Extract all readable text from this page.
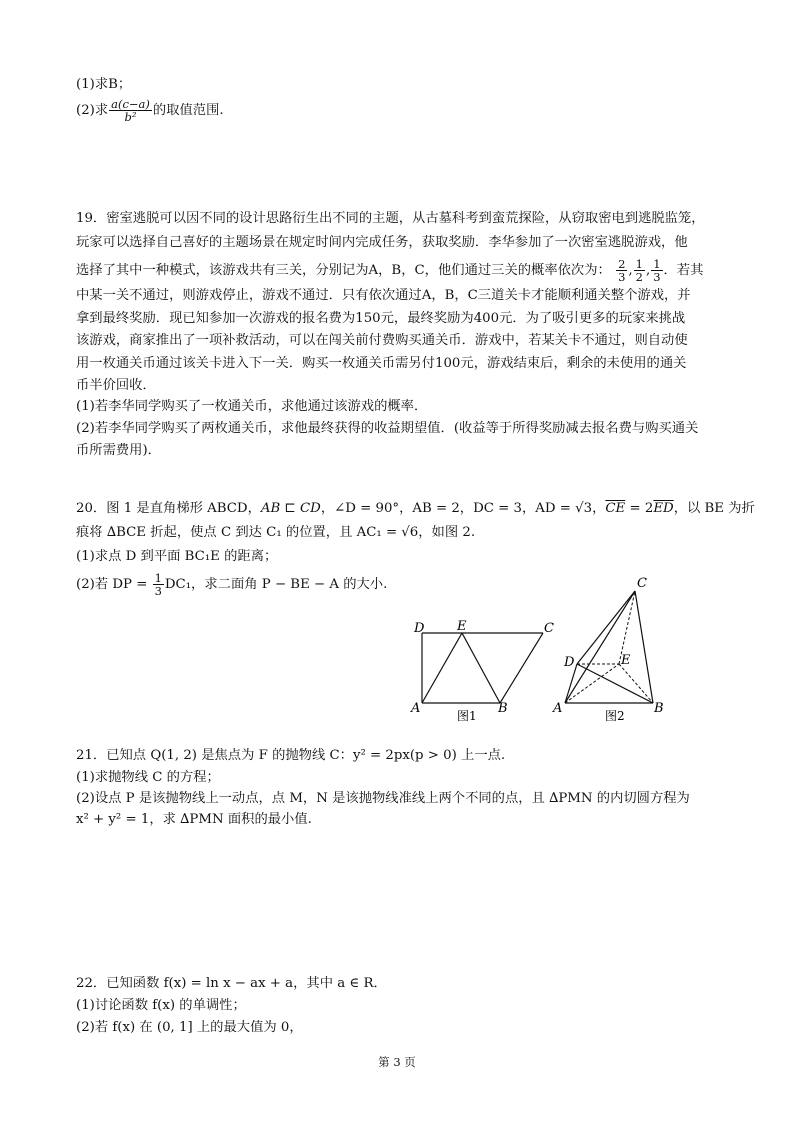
(1)求B；
(2)求 $\frac{a(c-a)}{\text{b²}}$ 的取值范围.
19．密室逃脱可以因不同的设计思路衍生出不同的主题，从古墓科考到蛮荒探险，从窃取密电到逃脱监笼，
玩家可以选择自己喜好的主题场景在规定时间内完成任务，获取奖励．李华参加了一次密室逃脱游戏，他
选择了其中一种模式，该游戏共有三关，分别记为A，B，C，他们通过三关的概率依次为： $\frac{2}{3}$ , $\frac{1}{2}$ , $\frac{1}{3}$ ．若其
中某一关不通过，则游戏停止，游戏不通过．只有依次通过A，B，C三道关卡才能顺利通关整个游戏，并
拿到最终奖励．现已知参加一次游戏的报名费为150元，最终奖励为400元．为了吸引更多的玩家来挑战
该游戏，商家推出了一项补救活动，可以在闯关前付费购买通关币．游戏中，若某关卡不通过，则自动使
用一枚通关币通过该关卡进入下一关．购买一枚通关币需另付100元，游戏结束后，剩余的未使用的通关
币半价回收．
(1)若李华同学购买了一枚通关币，求他通过该游戏的概率．
(2)若李华同学购买了两枚通关币，求他最终获得的收益期望值．(收益等于所得奖励减去报名费与购买通关
币所需费用)．
20．图 1 是直角梯形 ABCD，AB ⊏ CD，∠D = 90°，AB = 2，DC = 3，AD = √3，$\overline{CE} = 2\overline{ED}$，以 BE 为折
痕将 ∆BCE 折起，使点 C 到达 C₁ 的位置，且 AC₁ = √6，如图 2.
(1)求点 D 到平面 BC₁E 的距离；
(2)若 DP = $\frac{1}{3} DC_1$，求二面角 P − BE − A 的大小.
D	E	C
A	B
图1
C
D	E
A	B
图2
21．已知点 Q(1, 2) 是焦点为 F 的抛物线 C：y² = 2px(p > 0) 上一点.
(1)求抛物线 C 的方程；
(2)设点 P 是该抛物线上一动点，点 M，N 是该抛物线准线上两个不同的点，且 ∆PMN 的内切圆方程为
x² + y² = 1，求 ∆PMN 面积的最小值.
22．已知函数 f(x) = ln x − ax + a，其中 a ∈ R．
(1)讨论函数 f(x) 的单调性；
(2)若 f(x) 在 (0, 1] 上的最大值为 0，
第 3 页
